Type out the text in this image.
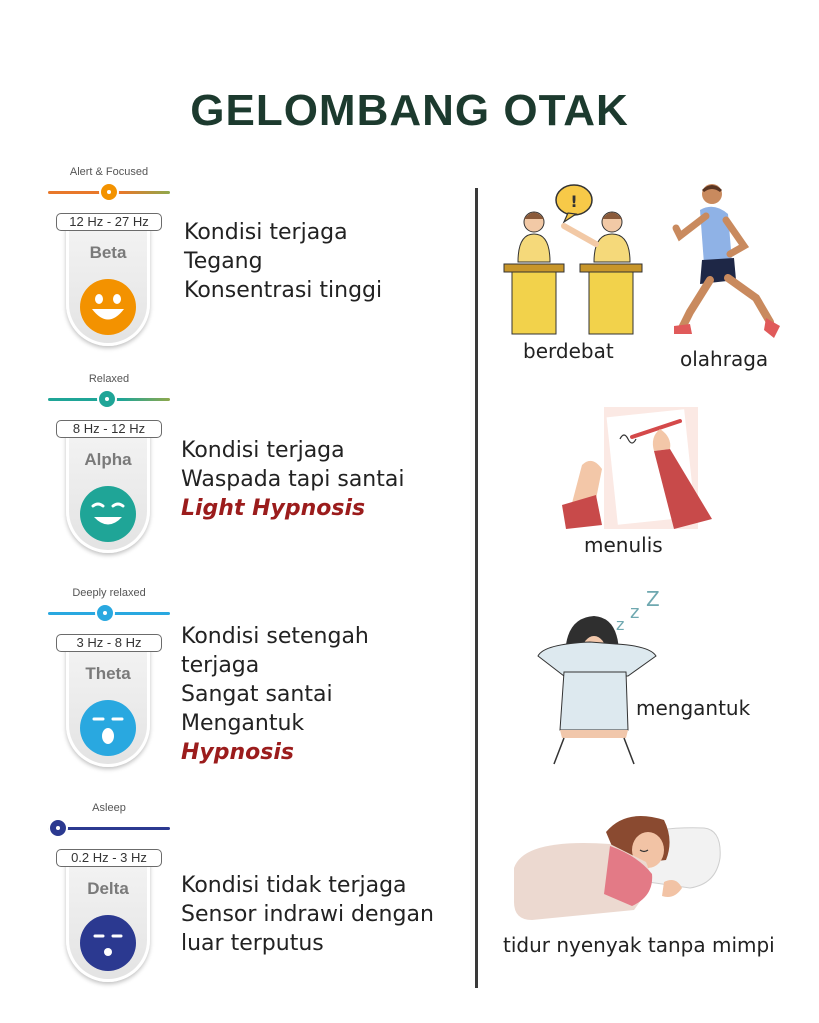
GELOMBANG OTAK
Alert & Focused
12 Hz - 27 Hz
Beta
Relaxed
8 Hz - 12 Hz
Alpha
Deeply relaxed
3 Hz - 8 Hz
Theta
Asleep
0.2 Hz - 3 Hz
Delta
Kondisi terjaga
Tegang
Konsentrasi tinggi
Kondisi terjaga
Waspada tapi santai
Light Hypnosis
Kondisi setengah
terjaga
Sangat santai
Mengantuk
Hypnosis
Kondisi tidak terjaga
Sensor indrawi dengan
luar terputus
!
berdebat	olahraga
menulis
z
z
Z
mengantuk
tidur nyenyak tanpa mimpi
